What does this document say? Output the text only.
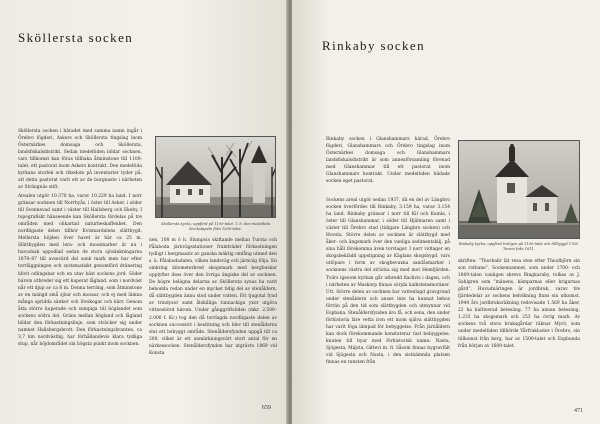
Sköllersta socken

Sköllersta socken i häradet med samma namn ingår i Örebro fögderi, Askers och Sköllersta tingslag inom Östernärkes domsaga och Sköllersta, landsfiskalsdistrikt. Sedan medeltiden bildar socknen, vars tillkomst kan föras tillbaka åtminstone till 1100-talet, ett pastorat inom Askers kontrakt. Den medeltida kyrkans storlek och rikedom på inventarier tyder på, att detta pastorat varit ett av de burgnaste i närheten av Strängnäs stift.

Arealen utgör 10.370 ha, varav 10.229 ha land. I norr gränsar socknen till Norrbyås, i öster till Asker, i söder till Svennevad samt i väster till Hallsberg och Ekeby. I topografiskt hänseende kan Sköllersta fördelas på tre områden med olikartad naturbeskaffenhet. Den nordligaste delen tillhör Kvismardalens slättbygd. Mellersta höjden över havet är här ca 25 m. Slättbygden med lera- och mossmarker är nu i huvudsak uppodlad sedan de stora sjösänkningarna 1878–87 till avsevärd del sank mark men har efter torrläggningen och systematiskt genomförd dränering blivit odlingsbar och en utav bäst sockens jord. Söder härom utbreder sig ett kuperat lågland, som i nordväst når ett djup av ca 6 m. Denna terräng, som åtminstone av en mängd små sjöar och mossar, och ej med lämna många spridda sänkor och lövskogar och kärr. Genom åtta större kuperade och sumpiga till höglandet som sockens södra del. Gräns mellan högland och lågland bildar den förkastningslinje, som sträcker sig under namnet Hallsbergsbrott. Den förkastningsbranten, ca 3,7 km nordvästlig, har förhållandevis klara tydliga stup, når höjdområdet sin högsta punkt inom socknen.

Sköllersta kyrka, uppförd på 1100-talet. T. h. den medeltida klockstapeln från 1500-talet.

nen, 108 m ö h. Slumpvis skiftande mellan Tursta och Pålaboda järnvägsstationer framträder förkastningen tydligt i bergmassiv av ganska mäktig omfång utmed den s. k. Pålabodadalen, vilken landsväg och järnväg följa. En omkring kilometerbred skogsmark med bergbuskar upplyfter dess över den övriga ängiske del av socknen. De högre belägna delarna av Sköllersta synas ha varit bebodda redan under en mycket tidig del av stenåldern, då slättbygden ännu stod under vatten. Ett tjugotal fynd av trindyxor samt åtskilliga tunnackiga yxor utgöra vittnesbörd härom. Under gånggriftstiden (mkr. 2.500–2.000 f. Kr.) tog den då torrlagda nordligaste delen av socknen successivt i besittning och blev till stenålderns slut ett bebyggt område. Stenåldersfynden uppgå till ca 200, vilket är ett anmärkningsvärt stort antal för en närkessocken. Stenåldersfynden har utgrävts 1869 vid Konsta

659
Rinkaby socken

Rinkaby socken i Glanshammars härad, Örebro fögderi, Glanshammars och Örebro tingslag inom Östernärkes domsaga och Glanshammars landsfiskalsdistrikt är som annexförsamling förenad med Glanshammar till ett pastorat inom Glanshammars kontrakt. Under medeltiden bildade socken eget pastorat.

Sockens areal utgör sedan 1937, då en del av Längbro socken överfördes till Rinkaby, 3.159 ha, varav 3.154 ha land. Rinkaby gränsar i norr till Kil och Kumla, i öster till Glanshammar, i söder till Hjälmaren samt i väster till Örebro stad (tidigare Längbro socken) och Hovsta. Större delen av socknen är slättbygd med åker- och ängsmark över den vanliga sedimentskilj, på sina håll förekomma även torvlager. I norr vidtager en skogsbeklädd uppstigning av Käglans skogsbygd, vars utlöpare i form av skogbevuxna sandåsmarker i socknens västra del sträcka sig med mot Hemfjärden. Tvärs igenom kyrkan går utbredd flackvis i dagen, och i närheten av Maskorp finnas sörjda kalkstensmoräner. Utt. Större delen av socknen bar vattenlagd gravgrund under stenåldern och anses inte ha kunnat bebos förrän på den tid som slättbygden och utmynnar vid Espbana. Stenåldersfynden äro få, och sena, den under förhistoria läre vetta iron ett inom själva slättbygden har varit föga lämpad för bebyggelse. Från järnåldern kan dock förekommande konstaterar fast bebyggelse, knuten till byar med förhistorisk namn: Nasta, Sjögesta, Mäjsta, Gittevi m. fl. Såsom finnas bygravfält vid Sjögesta och Nasta, i den sistnämnda platsen finnas en runsten från

Rinkaby kyrka, uppförd troligen på 1100-talet och tillbyggd 1760. Tornet från 1611.

skriften: ”Thorbalir lät resa sten efter Thiodbjörn sin son rotbane”. Sockennamnet, som under 1700- och 1800-talen vanligen skrevs Ringkaraby, tolkas av J. Sahlgren som ”mänens, kämparnas eller krigarnas gård”. Huvudnäringen är jordbruk, varav tre fjärdedelar av sockens befolkning finns sin utkomst. 1944 års jordbruksräkning redovisade 1.569 ha åker, 22 ha kultiverad betesäng. 77 ha annan betesäng, 1.233 ha skogsmark och 253 ha övrig mark. Av sockens två stora bruksgårdar räknar Myrö, som under medeltiden tillhörde Vårfrukloster i Örebro, sin tillkomst från berg, har av 1500-talet och Espbunda från början av 1600-talet.

471
